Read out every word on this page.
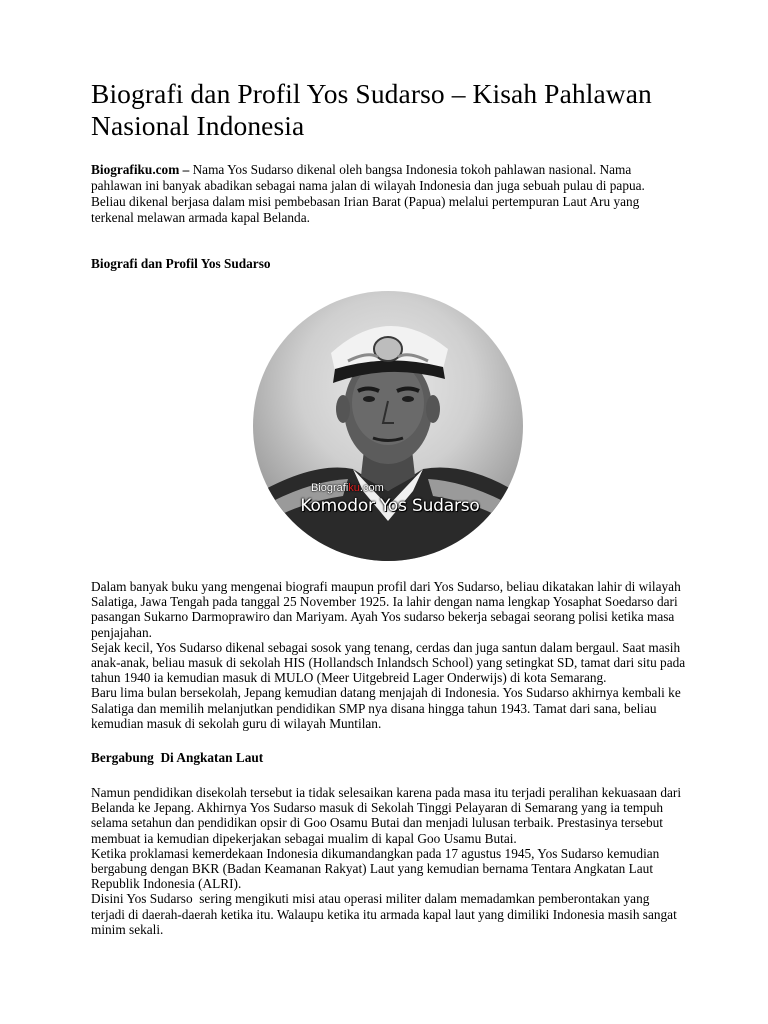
Biografi dan Profil Yos Sudarso – Kisah Pahlawan Nasional Indonesia

Biografiku.com – Nama Yos Sudarso dikenal oleh bangsa Indonesia tokoh pahlawan nasional. Nama pahlawan ini banyak abadikan sebagai nama jalan di wilayah Indonesia dan juga sebuah pulau di papua. Beliau dikenal berjasa dalam misi pembebasan Irian Barat (Papua) melalui pertempuran Laut Aru yang terkenal melawan armada kapal Belanda.

Biografi dan Profil Yos Sudarso
Biografiku.com
Komodor Yos Sudarso

Dalam banyak buku yang mengenai biografi maupun profil dari Yos Sudarso, beliau dikatakan lahir di wilayah Salatiga, Jawa Tengah pada tanggal 25 November 1925. Ia lahir dengan nama lengkap Yosaphat Soedarso dari pasangan Sukarno Darmoprawiro dan Mariyam. Ayah Yos sudarso bekerja sebagai seorang polisi ketika masa penjajahan.

Sejak kecil, Yos Sudarso dikenal sebagai sosok yang tenang, cerdas dan juga santun dalam bergaul. Saat masih anak-anak, beliau masuk di sekolah HIS (Hollandsch Inlandsch School) yang setingkat SD, tamat dari situ pada tahun 1940 ia kemudian masuk di MULO (Meer Uitgebreid Lager Onderwijs) di kota Semarang.

Baru lima bulan bersekolah, Jepang kemudian datang menjajah di Indonesia. Yos Sudarso akhirnya kembali ke Salatiga dan memilih melanjutkan pendidikan SMP nya disana hingga tahun 1943. Tamat dari sana, beliau kemudian masuk di sekolah guru di wilayah Muntilan.

Bergabung  Di Angkatan Laut

Namun pendidikan disekolah tersebut ia tidak selesaikan karena pada masa itu terjadi peralihan kekuasaan dari Belanda ke Jepang. Akhirnya Yos Sudarso masuk di Sekolah Tinggi Pelayaran di Semarang yang ia tempuh selama setahun dan pendidikan opsir di Goo Osamu Butai dan menjadi lulusan terbaik. Prestasinya tersebut membuat ia kemudian dipekerjakan sebagai mualim di kapal Goo Usamu Butai.

Ketika proklamasi kemerdekaan Indonesia dikumandangkan pada 17 agustus 1945, Yos Sudarso kemudian bergabung dengan BKR (Badan Keamanan Rakyat) Laut yang kemudian bernama Tentara Angkatan Laut Republik Indonesia (ALRI).

Disini Yos Sudarso  sering mengikuti misi atau operasi militer dalam memadamkan pemberontakan yang terjadi di daerah-daerah ketika itu. Walaupu ketika itu armada kapal laut yang dimiliki Indonesia masih sangat minim sekali.
